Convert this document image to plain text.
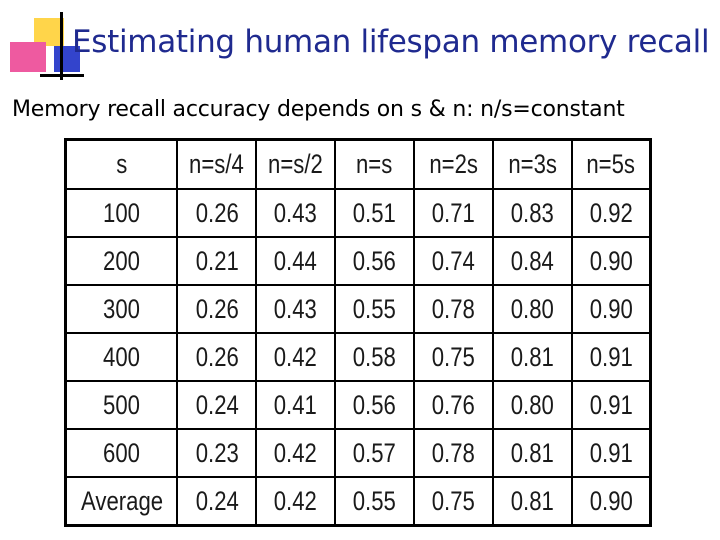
Estimating human lifespan memory recall
Memory recall accuracy depends on s & n: n/s=constant
s	n=s/4	n=s/2	n=s	n=2s	n=3s	n=5s
100	0.26	0.43	0.51	0.71	0.83	0.92
200	0.21	0.44	0.56	0.74	0.84	0.90
300	0.26	0.43	0.55	0.78	0.80	0.90
400	0.26	0.42	0.58	0.75	0.81	0.91
500	0.24	0.41	0.56	0.76	0.80	0.91
600	0.23	0.42	0.57	0.78	0.81	0.91
Average	0.24	0.42	0.55	0.75	0.81	0.90
